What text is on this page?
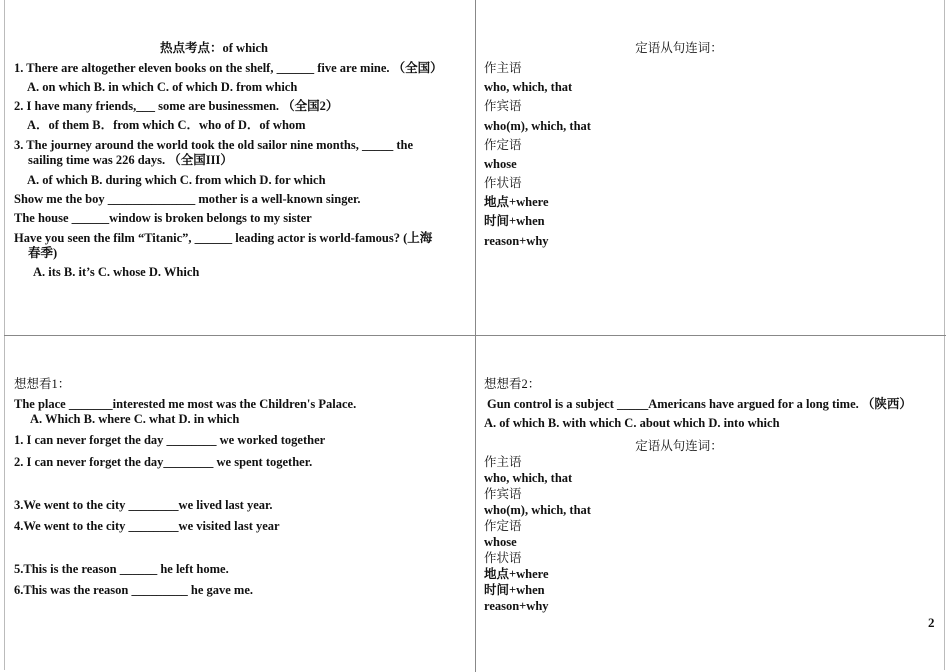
热点考点：of which
1. There are altogether eleven books on the shelf, ______ five are mine. （全国）
A. on which B. in which C. of which D. from which
2. I have many friends,___ some are businessmen. （全国2）
A．of them B．from which C．who of D．of whom
3. The journey around the world took the old sailor nine months, _____ the
sailing time was 226 days. （全国III）
A. of which B. during which C. from which D. for which
Show me the boy ______________ mother is a well-known singer.
The house ______window is broken belongs to my sister
Have you seen the film “Titanic”, ______ leading actor is world-famous? (上海
春季)
A. its B. it’s C. whose D. Which
定语从句连词：
作主语
who, which, that
作宾语
who(m), which, that
作定语
whose
作状语
地点+where
时间+when
reason+why
想想看1：
The place _______interested me most was the Children's Palace.
A. Which B. where C. what D. in which
1. I can never forget the day ________ we worked together
2. I can never forget the day________ we spent together.
3.We went to the city ________we lived last year.
4.We went to the city ________we visited last year
5.This is the reason ______ he left home.
6.This was the reason _________ he gave me.
想想看2：
Gun control is a subject _____Americans have argued for a long time. （陕西）
A. of which B. with which C. about which D. into which
定语从句连词：
作主语
who, which, that
作宾语
who(m), which, that
作定语
whose
作状语
地点+where
时间+when
reason+why
2
